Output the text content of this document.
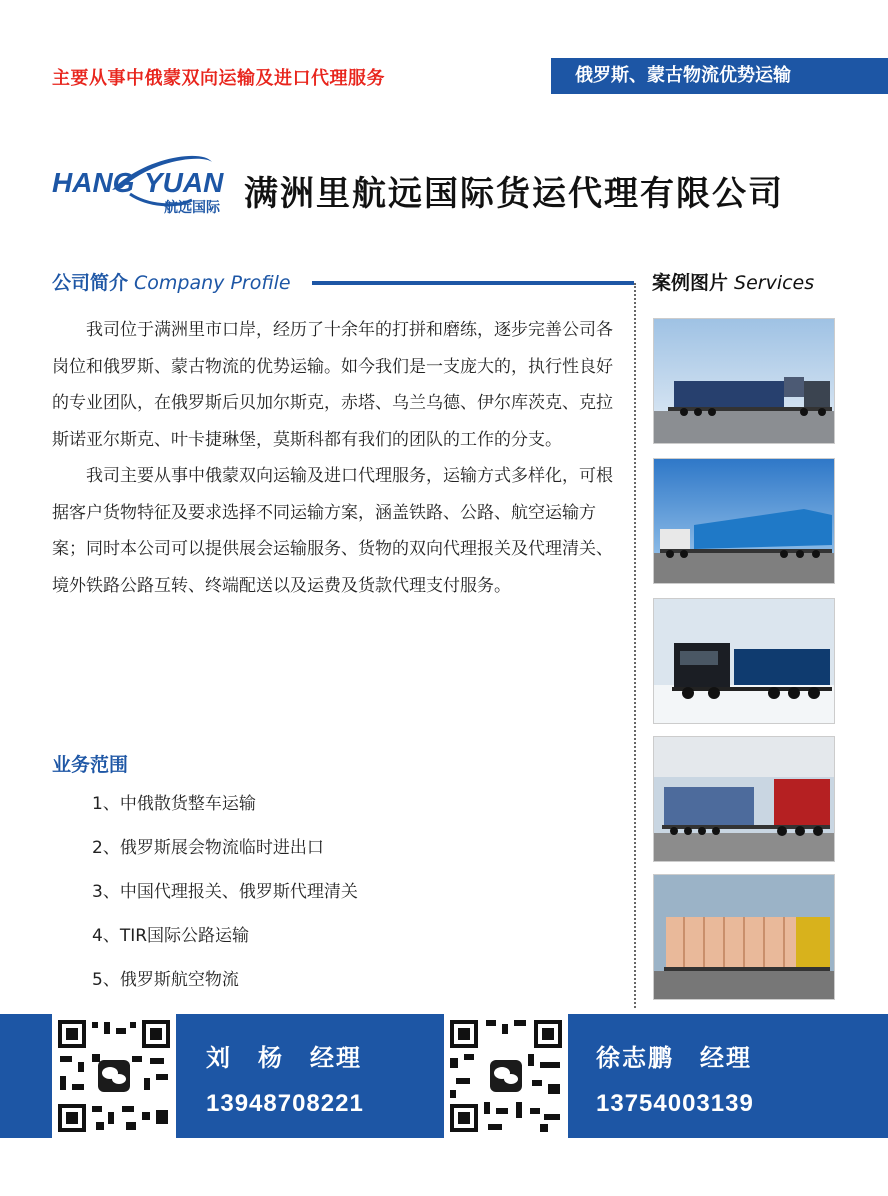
主要从事中俄蒙双向运输及进口代理服务	俄罗斯、蒙古物流优势运输
HANG YUAN
航远国际 满洲里航远国际货运代理有限公司
公司简介 Company Profile

我司位于满洲里市口岸，经历了十余年的打拼和磨练，逐步完善公司各岗位和俄罗斯、蒙古物流的优势运输。如今我们是一支庞大的，执行性良好的专业团队，在俄罗斯后贝加尔斯克，赤塔、乌兰乌德、伊尔库茨克、克拉斯诺亚尔斯克、叶卡捷琳堡，莫斯科都有我们的团队的工作的分支。

我司主要从事中俄蒙双向运输及进口代理服务，运输方式多样化，可根据客户货物特征及要求选择不同运输方案，涵盖铁路、公路、航空运输方案；同时本公司可以提供展会运输服务、货物的双向代理报关及代理清关、境外铁路公路互转、终端配送以及运费及货款代理支付服务。

业务范围
1、中俄散货整车运输
2、俄罗斯展会物流临时进出口
3、中国代理报关、俄罗斯代理清关
4、TIR国际公路运输
5、俄罗斯航空物流
案例图片 Services
刘　杨　经理
13948708221
徐志鹏　经理
13754003139
